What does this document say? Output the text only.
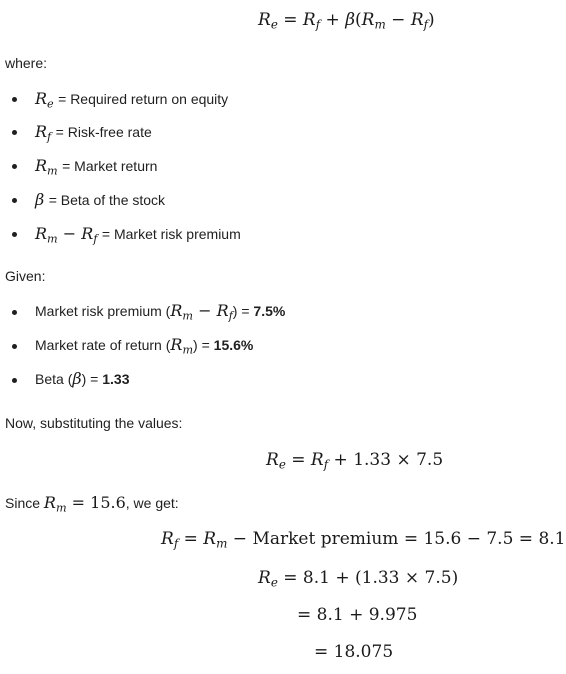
$R_e = R_f + \beta(R_m - R_f)$
where:
$R_e$ = Required return on equity
$R_f$ = Risk-free rate
$R_m$ = Market return
β = Beta of the stock
$R_m - R_f$ = Market risk premium
Given:
Market risk premium $(R_m - R_f) = 7.5\%$
Market rate of return $(R_m) = 15.6\%$
Beta (β) = 1.33
Now, substituting the values:
$R_e = R_f + 1.33 \times 7.5$
Since $R_m = 15.6$, we get:
$R_f = R_m$ − Market premium = 15.6 − 7.5 = 8.1
$R_e = 8.1 + (1.33 \times 7.5)$
= 8.1 + 9.975
= 18.075
